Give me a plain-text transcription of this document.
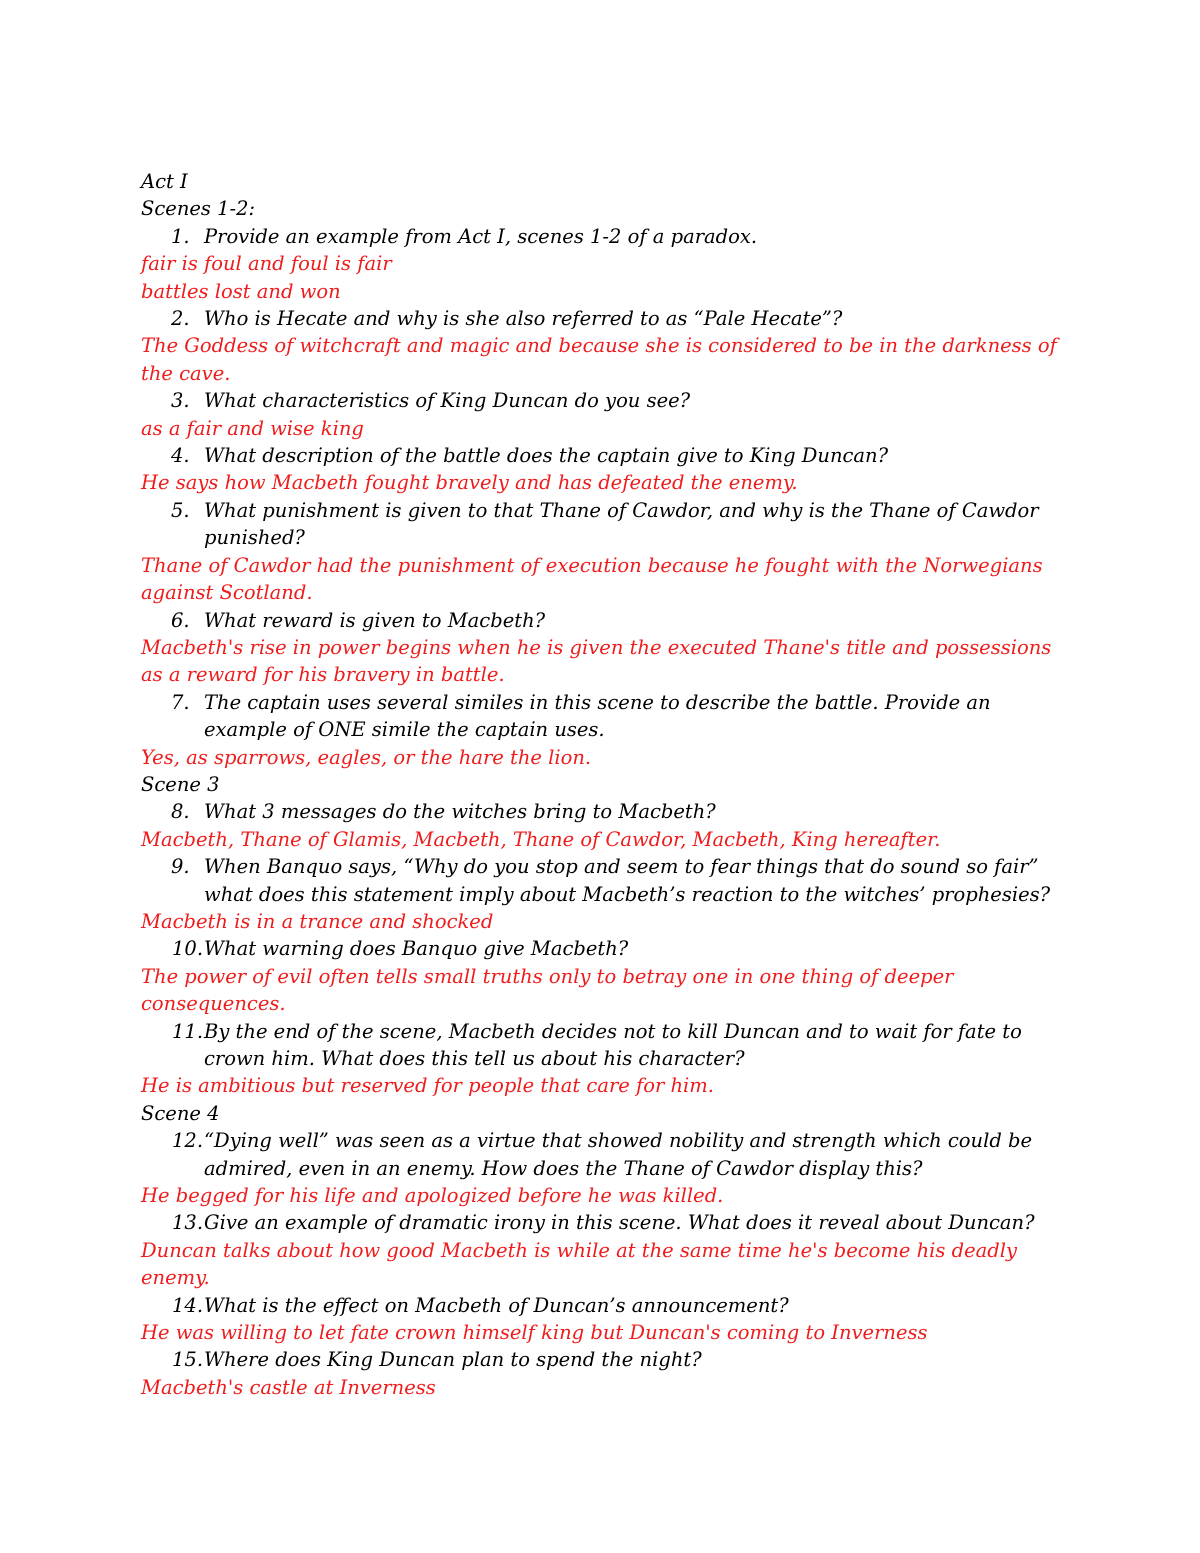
Act I

Scenes 1-2:

1. Provide an example from Act I, scenes 1-2 of a paradox.

fair is foul and foul is fair

battles lost and won

2. Who is Hecate and why is she also referred to as “Pale Hecate”?

The Goddess of witchcraft and magic and because she is considered to be in the darkness of the cave.

3. What characteristics of King Duncan do you see?

as a fair and wise king

4. What description of the battle does the captain give to King Duncan?

He says how Macbeth fought bravely and has defeated the enemy.

5. What punishment is given to that Thane of Cawdor, and why is the Thane of Cawdor punished?

Thane of Cawdor had the punishment of execution because he fought with the Norwegians against Scotland.

6. What reward is given to Macbeth?

Macbeth's rise in power begins when he is given the executed Thane's title and possessions as a reward for his bravery in battle.

7. The captain uses several similes in this scene to describe the battle. Provide an example of ONE simile the captain uses.

Yes, as sparrows, eagles, or the hare the lion.

Scene 3

8. What 3 messages do the witches bring to Macbeth?

Macbeth, Thane of Glamis, Macbeth, Thane of Cawdor, Macbeth, King hereafter.

9. When Banquo says, “Why do you stop and seem to fear things that do sound so fair” what does this statement imply about Macbeth’s reaction to the witches’ prophesies?

Macbeth is in a trance and shocked

10. What warning does Banquo give Macbeth?

The power of evil often tells small truths only to betray one in one thing of deeper consequences.

11. By the end of the scene, Macbeth decides not to kill Duncan and to wait for fate to crown him. What does this tell us about his character?

He is ambitious but reserved for people that care for him.

Scene 4

12. “Dying well” was seen as a virtue that showed nobility and strength which could be admired, even in an enemy. How does the Thane of Cawdor display this?

He begged for his life and apologized before he was killed.

13. Give an example of dramatic irony in this scene. What does it reveal about Duncan?

Duncan talks about how good Macbeth is while at the same time he's become his deadly enemy.

14. What is the effect on Macbeth of Duncan’s announcement?

He was willing to let fate crown himself king but Duncan's coming to Inverness

15. Where does King Duncan plan to spend the night?

Macbeth's castle at Inverness
